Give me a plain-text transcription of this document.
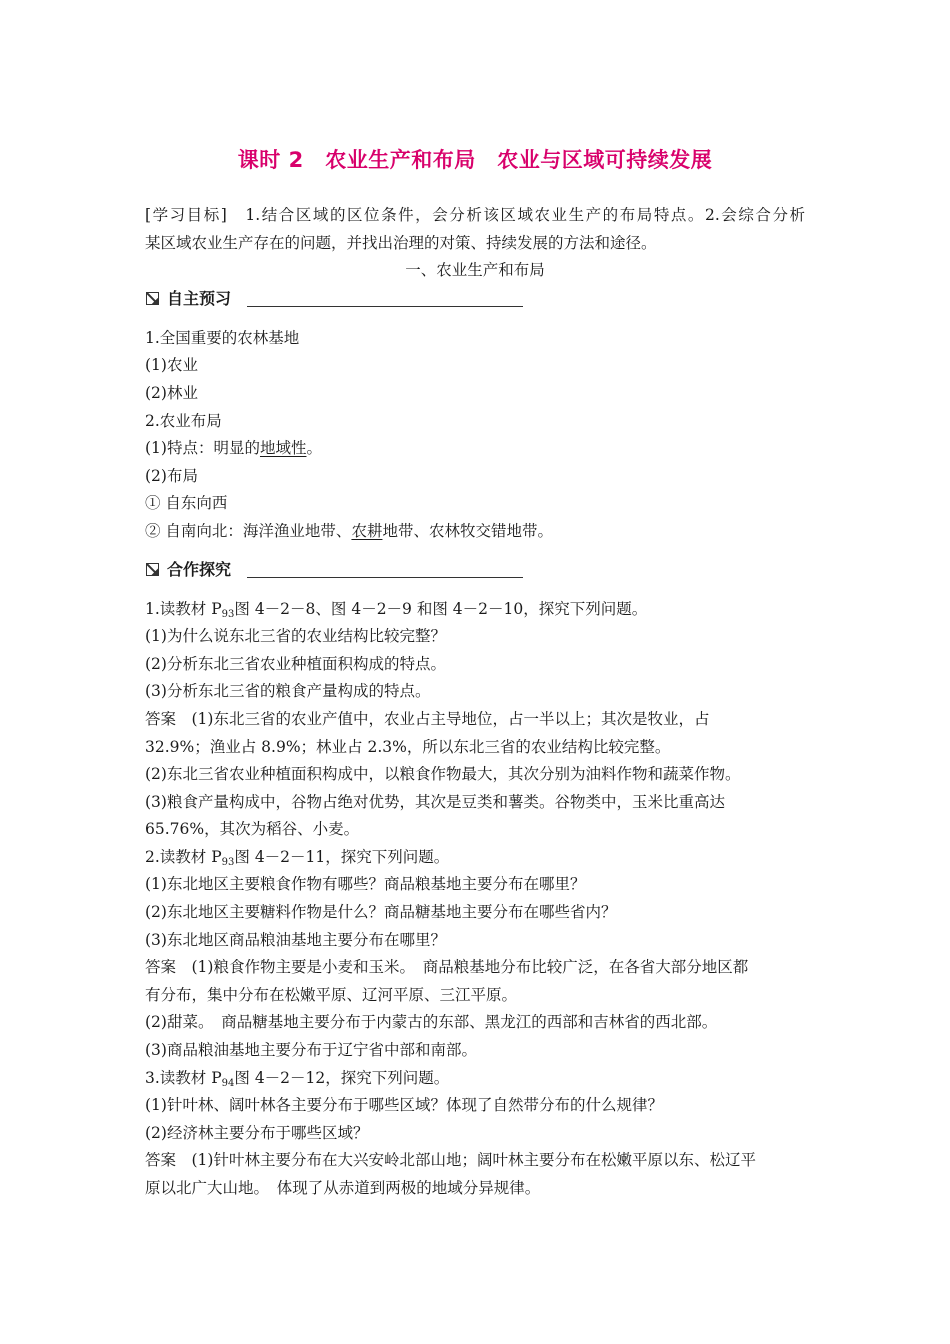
课时 2　农业生产和布局　农业与区域可持续发展
[学习目标]　1.结合区域的区位条件，会分析该区域农业生产的布局特点。2.会综合分析
某区域农业生产存在的问题，并找出治理的对策、持续发展的方法和途径。
一、农业生产和布局
自主预习
1.全国重要的农林基地
(1)农业
(2)林业
2.农业布局
(1)特点：明显的地域性。
(2)布局
① 自东向西
② 自南向北：海洋渔业地带、农耕地带、农林牧交错地带。
合作探究
1.读教材 $P_{93}$图 4－2－8、图 4－2－9 和图 4－2－10，探究下列问题。
(1)为什么说东北三省的农业结构比较完整？
(2)分析东北三省农业种植面积构成的特点。
(3)分析东北三省的粮食产量构成的特点。
答案　(1)东北三省的农业产值中，农业占主导地位，占一半以上；其次是牧业，占
32.9%；渔业占 8.9%；林业占 2.3%，所以东北三省的农业结构比较完整。
(2)东北三省农业种植面积构成中，以粮食作物最大，其次分别为油料作物和蔬菜作物。
(3)粮食产量构成中，谷物占绝对优势，其次是豆类和薯类。谷物类中，玉米比重高达
65.76%，其次为稻谷、小麦。
2.读教材 $P_{93}$图 4－2－11，探究下列问题。
(1)东北地区主要粮食作物有哪些？商品粮基地主要分布在哪里？
(2)东北地区主要糖料作物是什么？商品糖基地主要分布在哪些省内？
(3)东北地区商品粮油基地主要分布在哪里？
答案　(1)粮食作物主要是小麦和玉米。　商品粮基地分布比较广泛，在各省大部分地区都
有分布，集中分布在松嫩平原、辽河平原、三江平原。
(2)甜菜。　商品糖基地主要分布于内蒙古的东部、黑龙江的西部和吉林省的西北部。
(3)商品粮油基地主要分布于辽宁省中部和南部。
3.读教材 $P_{94}$图 4－2－12，探究下列问题。
(1)针叶林、阔叶林各主要分布于哪些区域？体现了自然带分布的什么规律？
(2)经济林主要分布于哪些区域？
答案　(1)针叶林主要分布在大兴安岭北部山地；阔叶林主要分布在松嫩平原以东、松辽平
原以北广大山地。　体现了从赤道到两极的地域分异规律。
